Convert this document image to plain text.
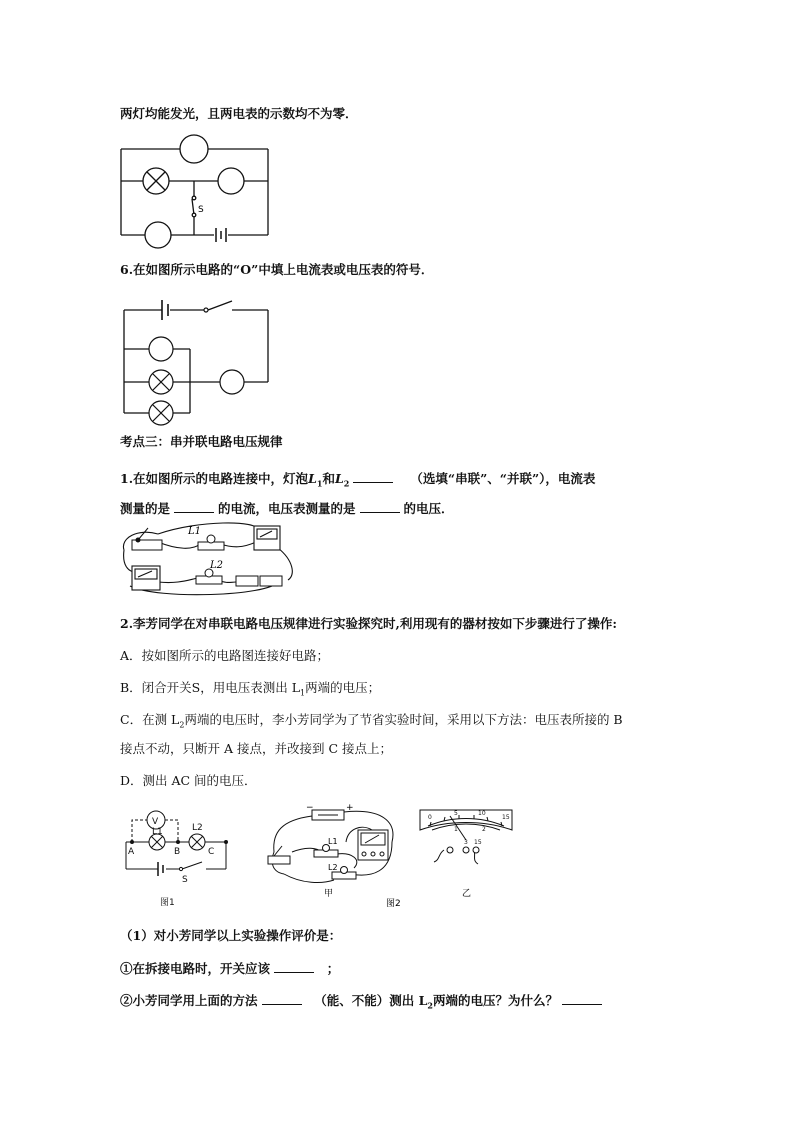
两灯均能发光，且两电表的示数均不为零．
S
6.在如图所示电路的“O”中填上电流表或电压表的符号．
考点三：串并联电路电压规律
1.在如图所示的电路连接中，灯泡$L_1$和$L_2$	（选填“串联”、“并联”），电流表
测量的是	的电流，电压表测量的是	的电压．
L1
L2
2.李芳同学在对串联电路电压规律进行实验探究时,利用现有的器材按如下步骤进行了操作:
A．按如图所示的电路图连接好电路；
B．闭合开关S，用电压表测出 $L_1$两端的电压；
C．在测 $L_2$两端的电压时，李小芳同学为了节省实验时间，采用以下方法：电压表所接的 B
接点不动，只断开 A 接点，并改接到 C 接点上；
D．测出 AC 间的电压．
V
L1	L2
A	B	C
S
图1
−	+
L1
L2
甲
图2
0
5	10
15
1	2
3 15
乙
（1）对小芳同学以上实验操作评价是：
①在拆接电路时，开关应该	；
②小芳同学用上面的方法	（能、不能）测出 $L_2$两端的电压？为什么？
